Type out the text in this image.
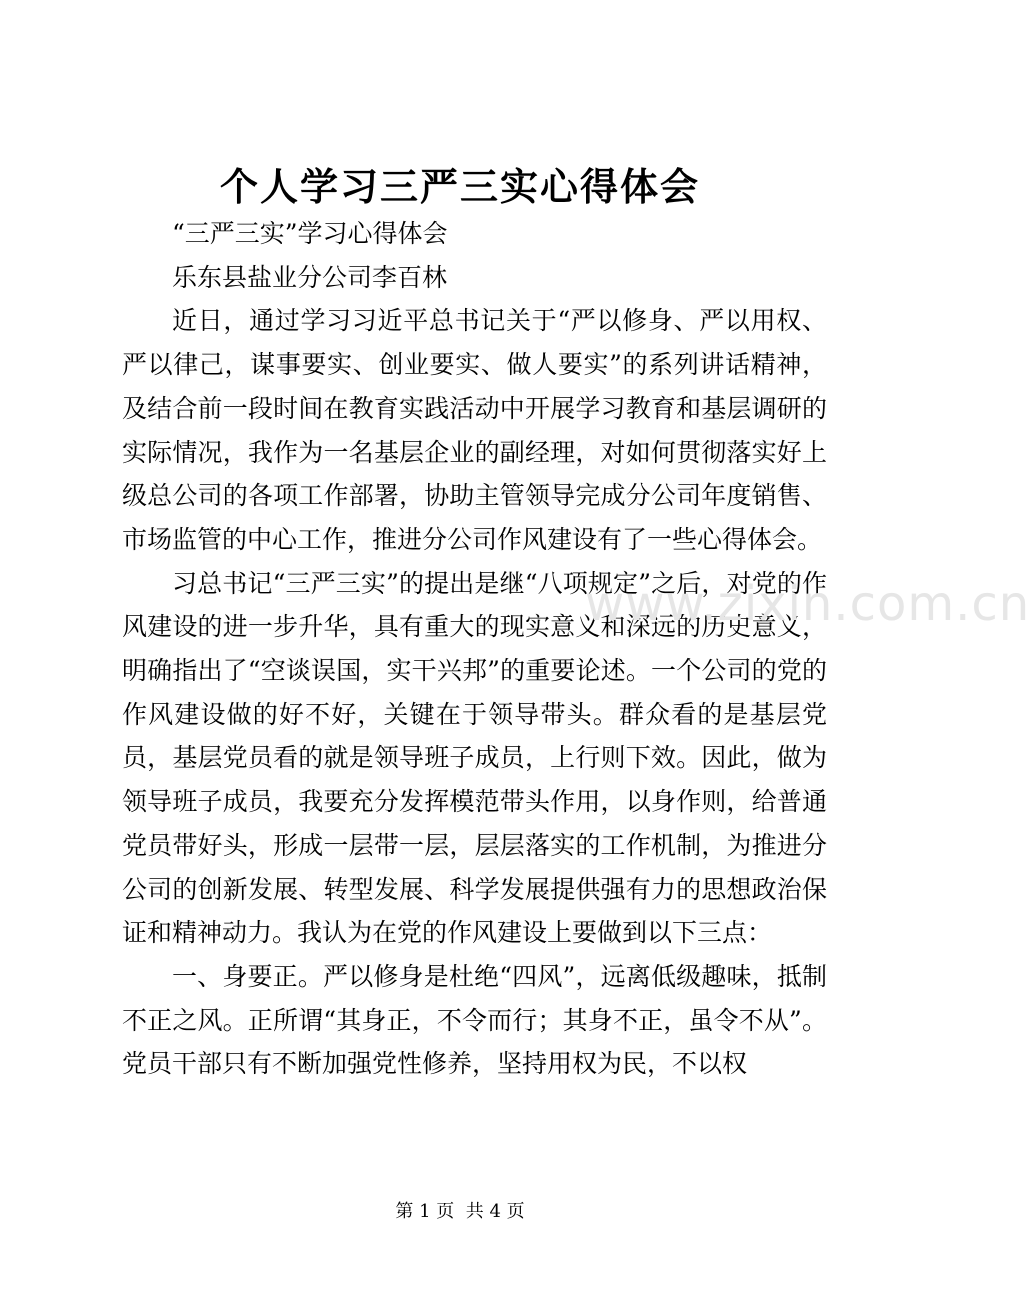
个人学习三严三实心得体会

“三严三实”学习心得体会

乐东县盐业分公司李百林

近日，通过学习习近平总书记关于“严以修身、严以用权、严以律己，谋事要实、创业要实、做人要实”的系列讲话精神，及结合前一段时间在教育实践活动中开展学习教育和基层调研的实际情况，我作为一名基层企业的副经理，对如何贯彻落实好上级总公司的各项工作部署，协助主管领导完成分公司年度销售、市场监管的中心工作，推进分公司作风建设有了一些心得体会。

习总书记“三严三实”的提出是继“八项规定”之后，对党的作风建设的进一步升华，具有重大的现实意义和深远的历史意义，明确指出了“空谈误国，实干兴邦”的重要论述。一个公司的党的作风建设做的好不好，关键在于领导带头。群众看的是基层党员，基层党员看的就是领导班子成员，上行则下效。因此，做为领导班子成员，我要充分发挥模范带头作用，以身作则，给普通党员带好头，形成一层带一层，层层落实的工作机制，为推进分公司的创新发展、转型发展、科学发展提供强有力的思想政治保证和精神动力。我认为在党的作风建设上要做到以下三点：

一、身要正。严以修身是杜绝“四风”，远离低级趣味，抵制不正之风。正所谓“其身正，不令而行；其身不正，虽令不从”。党员干部只有不断加强党性修养，坚持用权为民，不以权

www.zixin.com.cn
第 1 页 共 4 页
